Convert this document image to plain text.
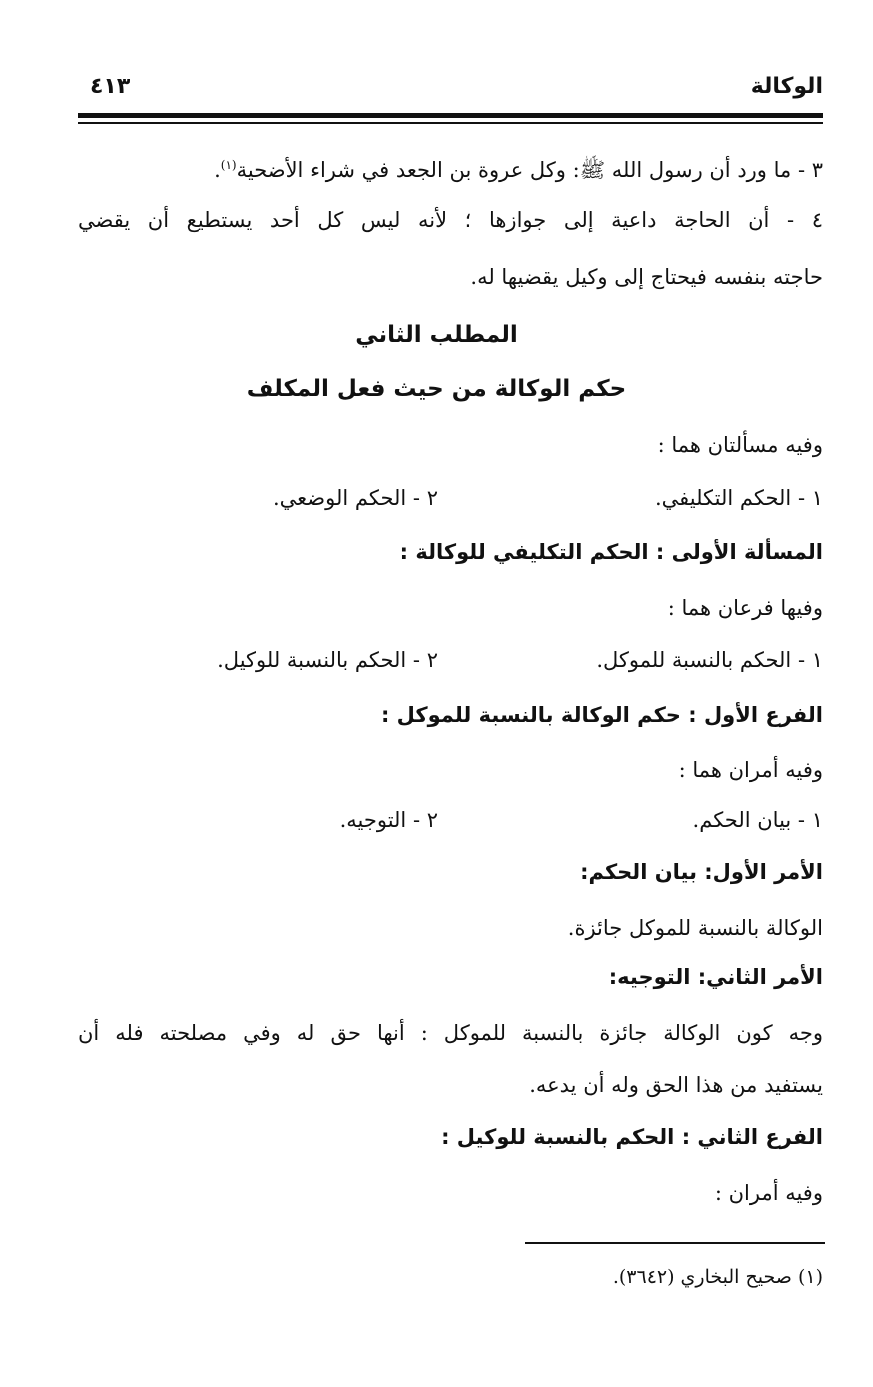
الوكالة
٤١٣
٣ - ما ورد أن رسول الله ﷺ: وكل عروة بن الجعد في شراء الأضحية$^{(١)}$.
٤ - أن الحاجة داعية إلى جوازها ؛ لأنه ليس كل أحد يستطيع أن يقضي
حاجته بنفسه فيحتاج إلى وكيل يقضيها له.
المطلب الثاني
حكم الوكالة من حيث فعل المكلف
وفيه مسألتان هما :
١ - الحكم التكليفي.
٢ - الحكم الوضعي.
المسألة الأولى : الحكم التكليفي للوكالة :
وفيها فرعان هما :
١ - الحكم بالنسبة للموكل.
٢ - الحكم بالنسبة للوكيل.
الفرع الأول : حكم الوكالة بالنسبة للموكل :
وفيه أمران هما :
١ - بيان الحكم.
٢ - التوجيه.
الأمر الأول: بيان الحكم:
الوكالة بالنسبة للموكل جائزة.
الأمر الثاني: التوجيه:
وجه كون الوكالة جائزة بالنسبة للموكل : أنها حق له وفي مصلحته فله أن
يستفيد من هذا الحق وله أن يدعه.
الفرع الثاني : الحكم بالنسبة للوكيل :
وفيه أمران :
(١) صحيح البخاري (٣٦٤٢).
